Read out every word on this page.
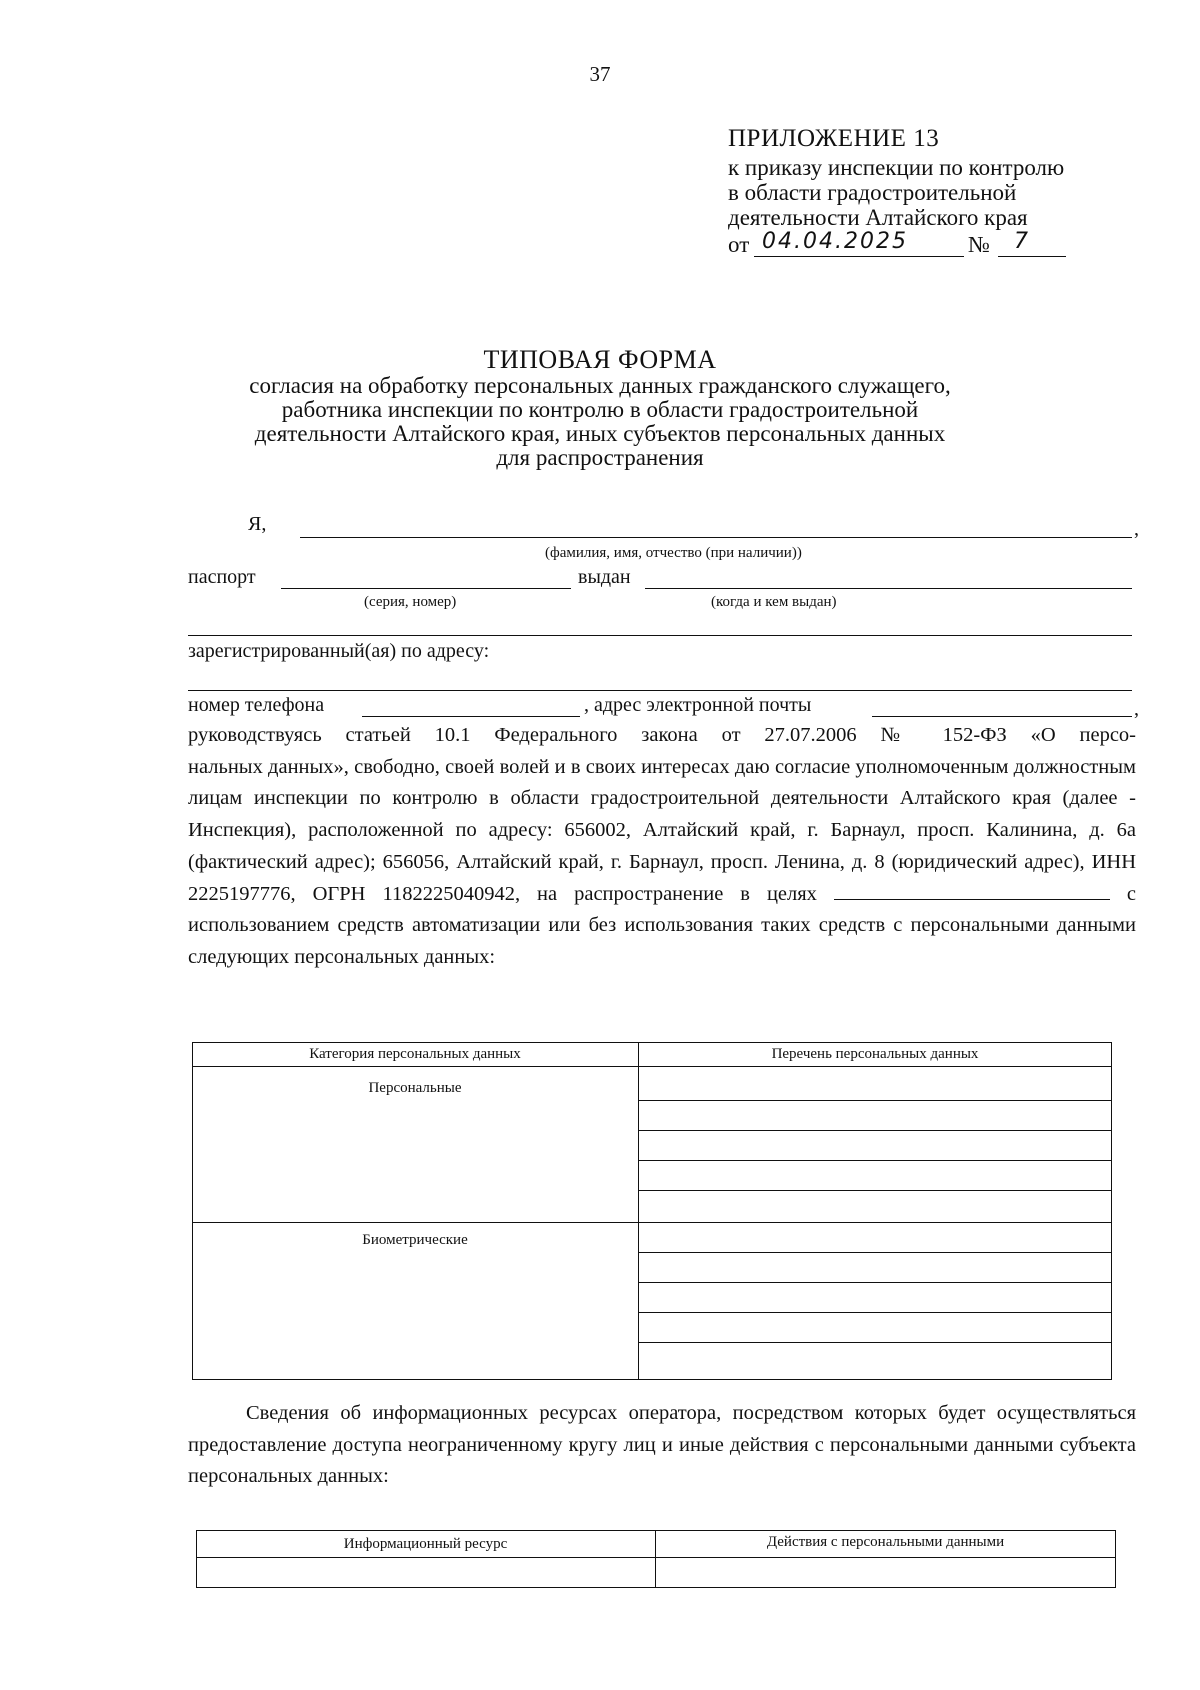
37
ПРИЛОЖЕНИЕ 13
к приказу инспекции по контролю
в области градостроительной
деятельности Алтайского края
от 04.04.2025	№ 7
ТИПОВАЯ ФОРМА
согласия на обработку персональных данных гражданского служащего,
работника инспекции по контролю в области градостроительной
деятельности Алтайского края, иных субъектов персональных данных
для распространения
Я,	,
(фамилия, имя, отчество (при наличии))
паспорт	выдан
(серия, номер)	(когда и кем выдан)
зарегистрированный(ая) по адресу:
номер телефона	, адрес электронной почты	,
руководствуясь статьей 10.1 Федерального закона от 27.07.2006 № 152-ФЗ «О персо-
нальных данных», свободно, своей волей и в своих интересах даю согласие уполномоченным должностным лицам инспекции по контролю в области градостроительной деятельности Алтайского края (далее - Инспекция), расположенной по адресу: 656002, Алтайский край, г. Барнаул, просп. Калинина, д. 6а (фактический адрес); 656056, Алтайский край, г. Барнаул, просп. Ленина, д. 8 (юридический адрес), ИНН 2225197776, ОГРН 1182225040942, на распространение в целях	с использованием средств автоматизации или без использования таких средств с персональными данными следующих персональных данных:
Категория персональных данных	Перечень персональных данных
Персональные
Биометрические
Сведения об информационных ресурсах оператора, посредством которых будет осуществляться предоставление доступа неограниченному кругу лиц и иные действия с персональными данными субъекта персональных данных:
Информационный ресурс	Действия с персональными данными
